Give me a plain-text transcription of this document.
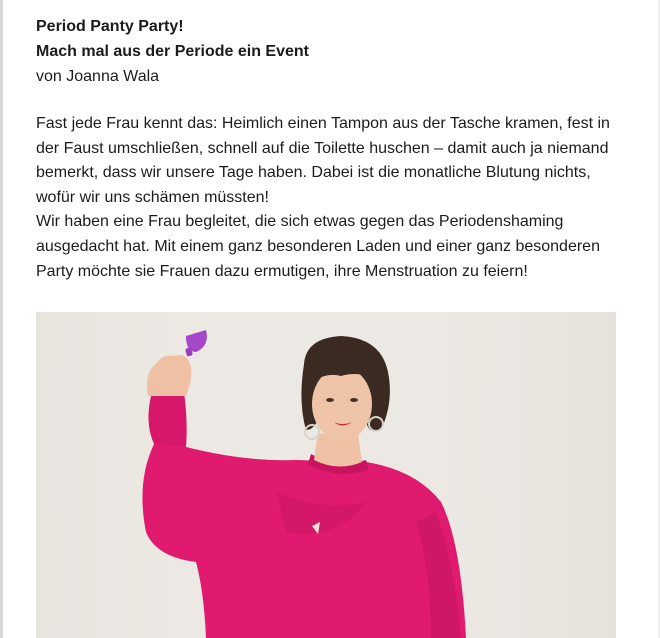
Period Panty Party!
Mach mal aus der Periode ein Event
von Joanna Wala

Fast jede Frau kennt das: Heimlich einen Tampon aus der Tasche kramen, fest in der Faust umschließen, schnell auf die Toilette huschen – damit auch ja niemand bemerkt, dass wir unsere Tage haben. Dabei ist die monatliche Blutung nichts, wofür wir uns schämen müssten!

Wir haben eine Frau begleitet, die sich etwas gegen das Periodenshaming ausgedacht hat. Mit einem ganz besonderen Laden und einer ganz besonderen Party möchte sie Frauen dazu ermutigen, ihre Menstruation zu feiern!
